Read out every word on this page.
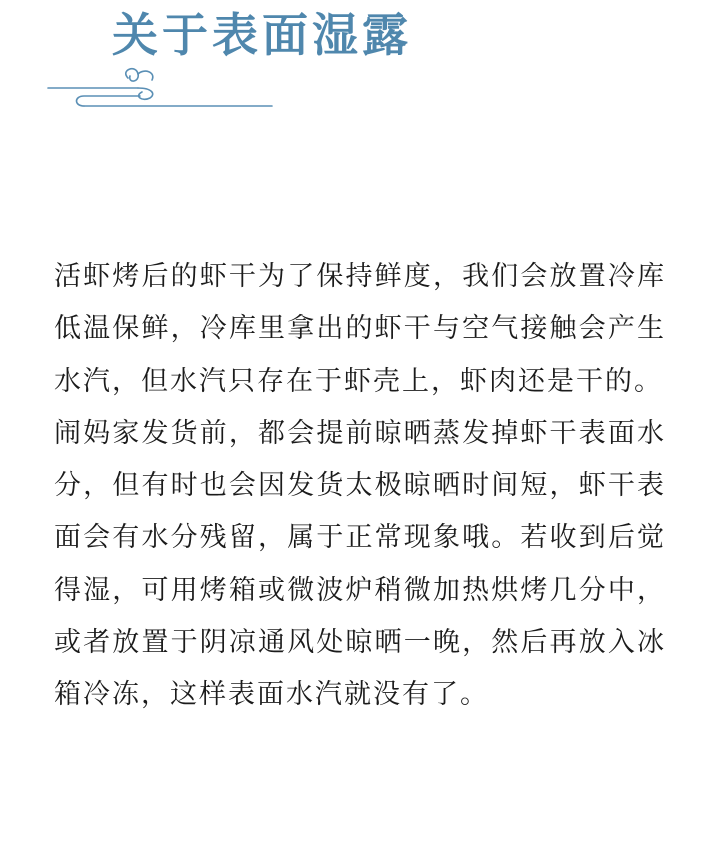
关于表面湿露

活虾烤后的虾干为了保持鲜度，我们会放置冷库低温保鲜，冷库里拿出的虾干与空气接触会产生水汽，但水汽只存在于虾壳上，虾肉还是干的。

闹妈家发货前，都会提前晾晒蒸发掉虾干表面水分，但有时也会因发货太极晾晒时间短，虾干表面会有水分残留，属于正常现象哦。若收到后觉得湿，可用烤箱或微波炉稍微加热烘烤几分中，或者放置于阴凉通风处晾晒一晚，然后再放入冰箱冷冻，这样表面水汽就没有了。
